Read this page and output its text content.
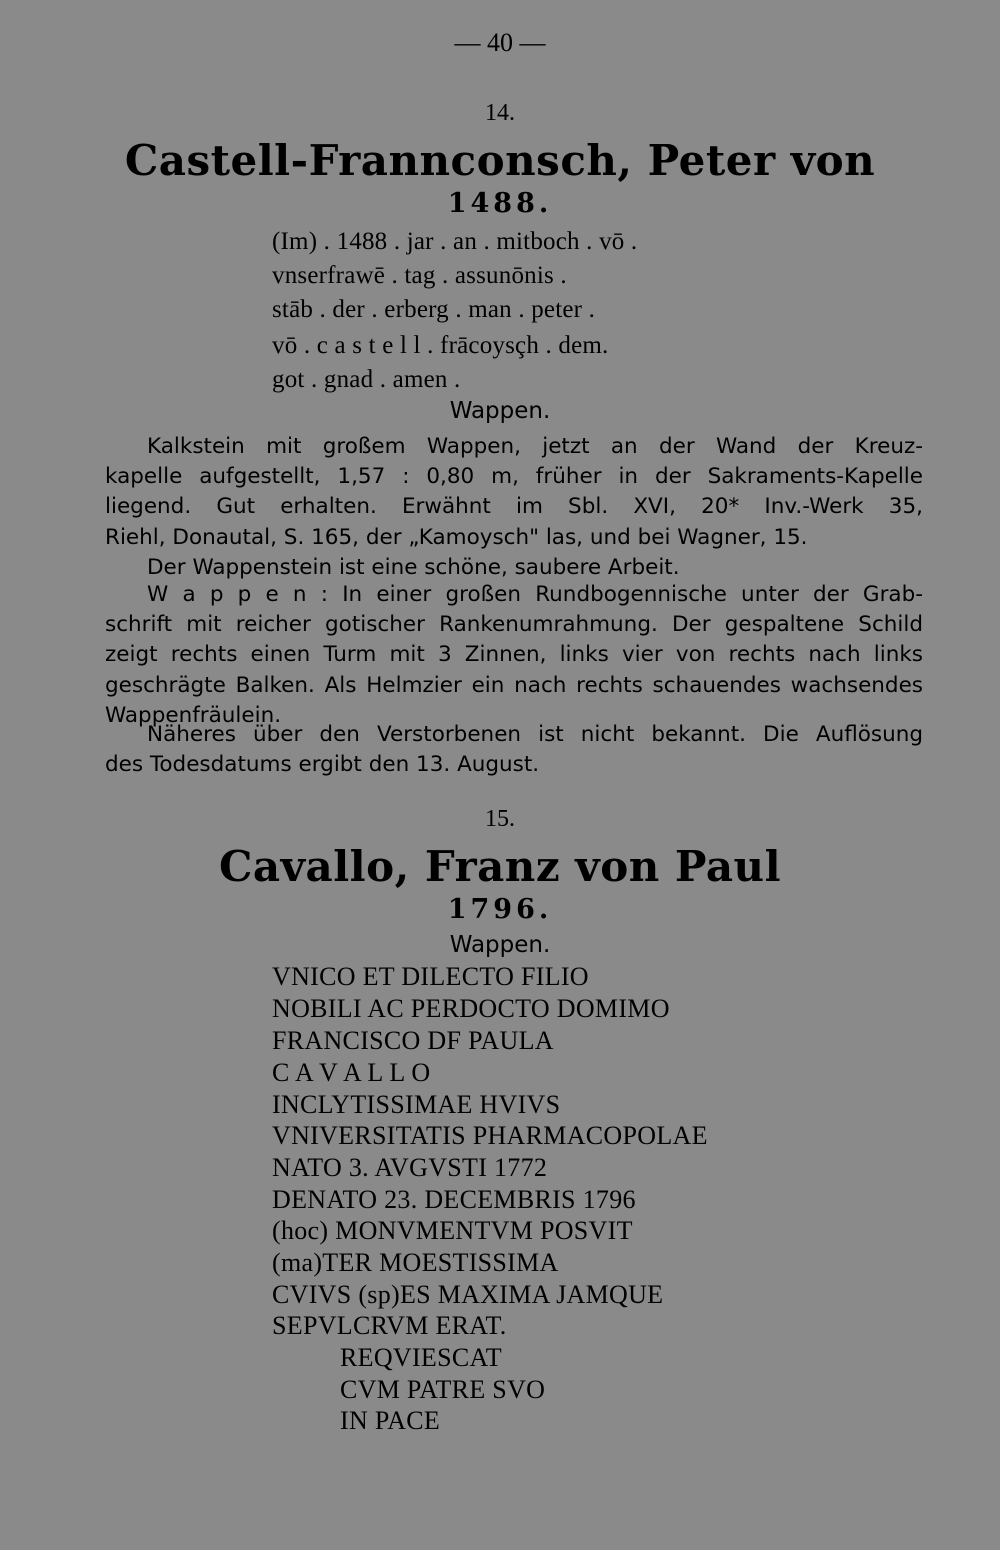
— 40 —
14.
Castell-Frannconsch, Peter von
1488.
(Im) . 1488 . jar . an . mitboch . vō .
vnserfrawē . tag . assunōnis .
stāb . der . erberg . man . peter .
vō . c a s t e l l . frācoysçh . dem.
got . gnad . amen .
Wappen.
Kalkstein mit großem Wappen, jetzt an der Wand der Kreuz-
kapelle aufgestellt, 1,57 : 0,80 m, früher in der Sakraments-Kapelle
liegend. Gut erhalten. Erwähnt im Sbl. XVI, 20* Inv.-Werk 35,
Riehl, Donautal, S. 165, der „Kamoysch" las, und bei Wagner, 15.
Der Wappenstein ist eine schöne, saubere Arbeit.
W a p p e n : In einer großen Rundbogennische unter der Grab-
schrift mit reicher gotischer Rankenumrahmung. Der gespaltene Schild
zeigt rechts einen Turm mit 3 Zinnen, links vier von rechts nach links
geschrägte Balken. Als Helmzier ein nach rechts schauendes wachsendes
Wappenfräulein.
Näheres über den Verstorbenen ist nicht bekannt. Die Auflösung
des Todesdatums ergibt den 13. August.
15.
Cavallo, Franz von Paul
1796.
Wappen.
VNICO ET DILECTO FILIO
NOBILI AC PERDOCTO DOMIMO
FRANCISCO DF PAULA
C A V A L L O
INCLYTISSIMAE HVIVS
VNIVERSITATIS PHARMACOPOLAE
NATO 3. AVGVSTI 1772
DENATO 23. DECEMBRIS 1796
(hoc) MONVMENTVM POSVIT
(ma)TER MOESTISSIMA
CVIVS (sp)ES MAXIMA JAMQUE
SEPVLCRVM ERAT.
REQVIESCAT
CVM PATRE SVO
IN PACE
